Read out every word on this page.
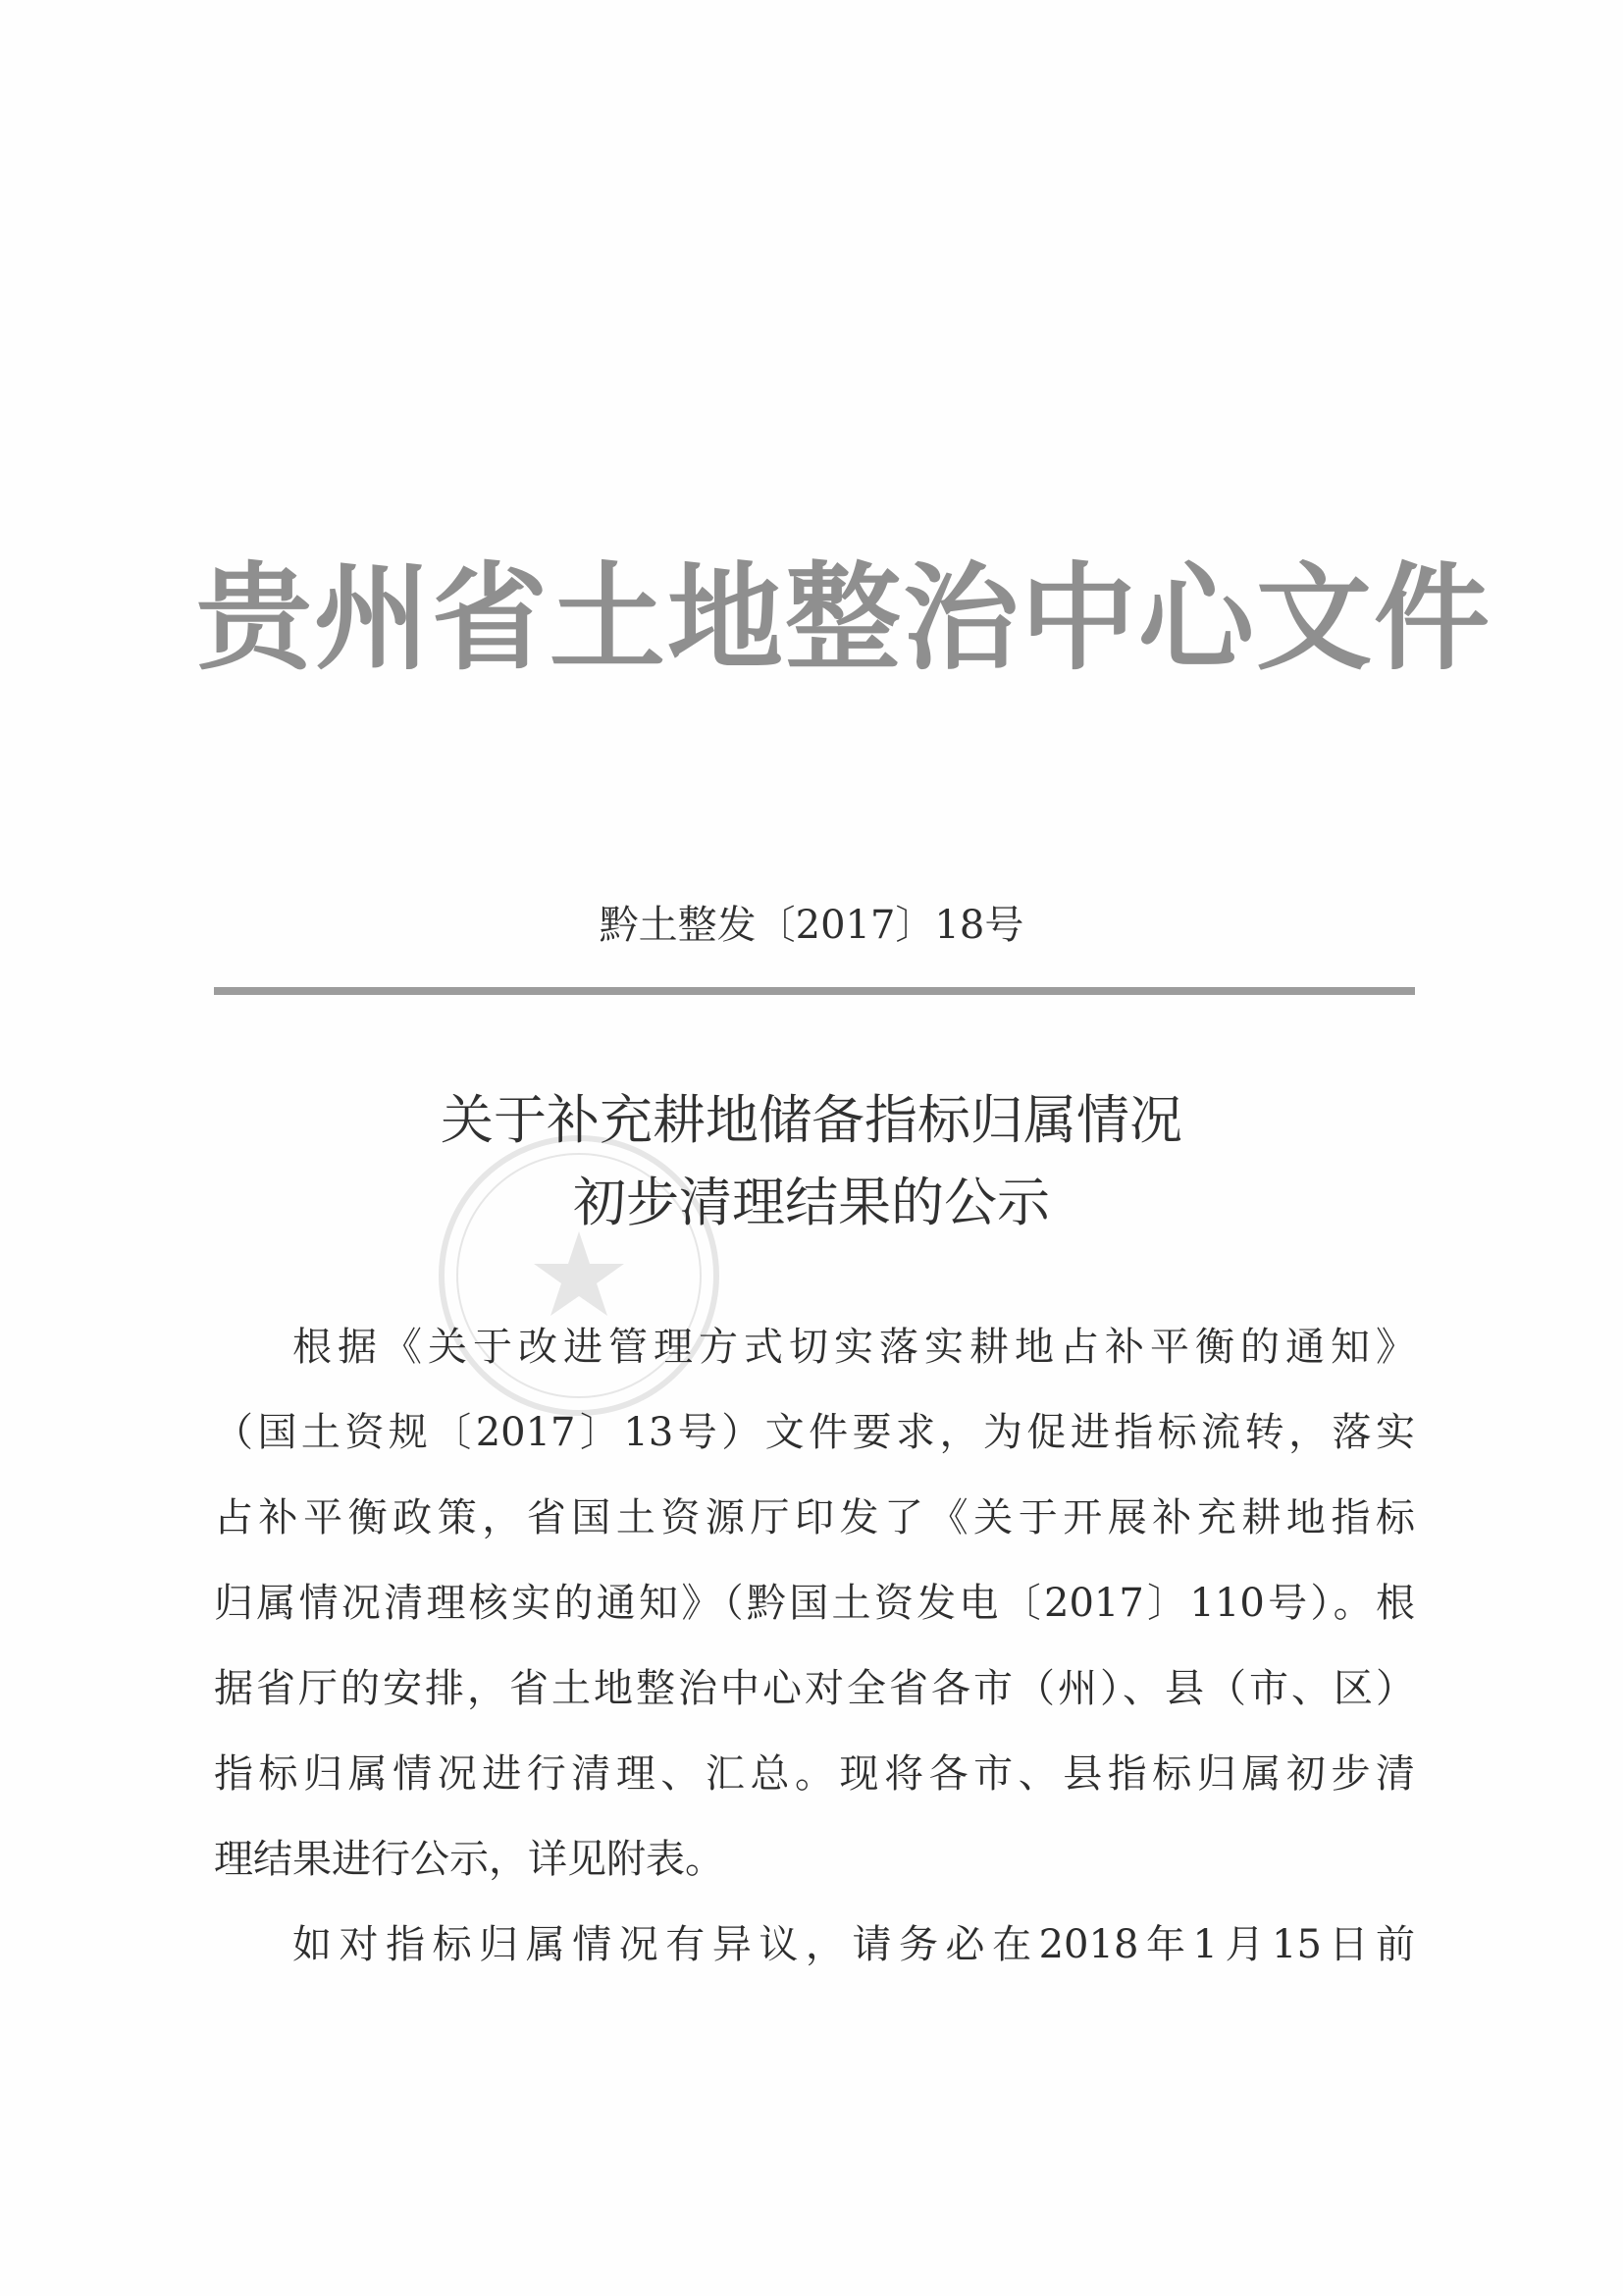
贵州省土地整治中心文件
黔土整发〔2017〕18号
关于补充耕地储备指标归属情况
初步清理结果的公示
根据《关于改进管理方式切实落实耕地占补平衡的通知》
（国土资规〔2017〕13号）文件要求，为促进指标流转，落实
占补平衡政策，省国土资源厅印发了《关于开展补充耕地指标
归属情况清理核实的通知》（黔国土资发电〔2017〕110号）。根
据省厅的安排，省土地整治中心对全省各市（州）、县（市、区）
指标归属情况进行清理、汇总。现将各市、县指标归属初步清
理结果进行公示，详见附表。
如对指标归属情况有异议，请务必在2018年1月15日前
